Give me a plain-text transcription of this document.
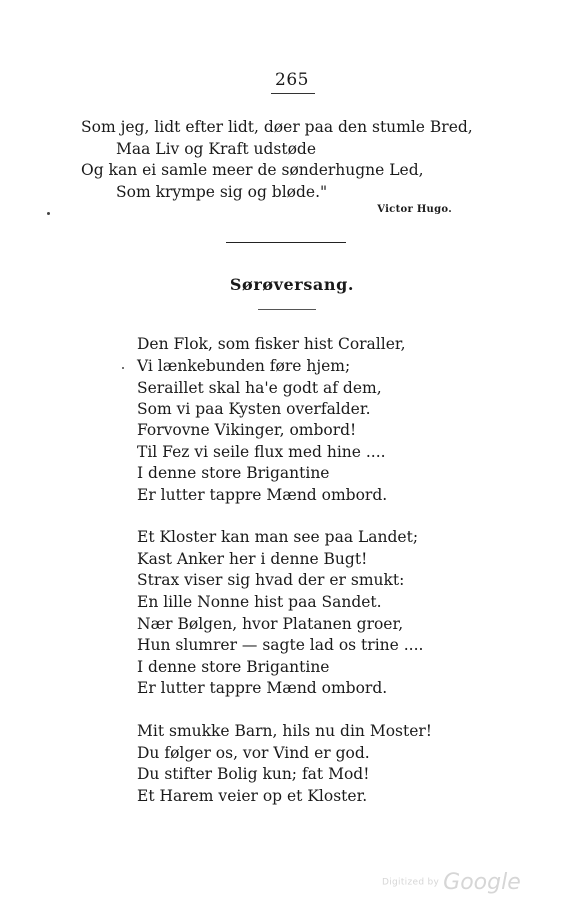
265
Som jeg, lidt efter lidt, døer paa den stumle Bred,
Maa Liv og Kraft udstøde
Og kan ei samle meer de sønderhugne Led,
Som krympe sig og bløde."
Victor Hugo.
Sørøversang.
Den Flok, som fisker hist Coraller,
Vi lænkebunden føre hjem;
Seraillet skal ha'e godt af dem,
Som vi paa Kysten overfalder.
Forvovne Vikinger, ombord!
Til Fez vi seile flux med hine ....
I denne store Brigantine
Er lutter tappre Mænd ombord.
Et Kloster kan man see paa Landet;
Kast Anker her i denne Bugt!
Strax viser sig hvad der er smukt:
En lille Nonne hist paa Sandet.
Nær Bølgen, hvor Platanen groer,
Hun slumrer — sagte lad os trine ....
I denne store Brigantine
Er lutter tappre Mænd ombord.
Mit smukke Barn, hils nu din Moster!
Du følger os, vor Vind er god.
Du stifter Bolig kun; fat Mod!
Et Harem veier op et Kloster.
Digitized by Google
